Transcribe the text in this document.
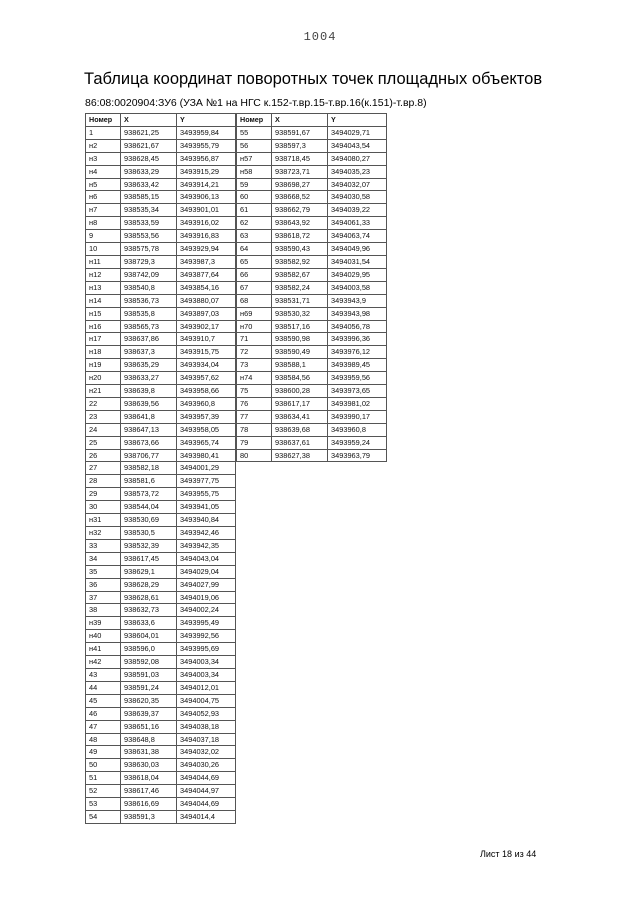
1004
Таблица координат поворотных точек площадных объектов
86:08:0020904:ЗУ6 (УЗА №1 на НГС к.152-т.вр.15-т.вр.16(к.151)-т.вр.8)
Номер	X	Y
1	938621,25	3493959,84
н2	938621,67	3493955,79
н3	938628,45	3493956,87
н4	938633,29	3493915,29
н5	938633,42	3493914,21
н6	938585,15	3493906,13
н7	938535,34	3493901,01
н8	938533,59	3493916,02
9	938553,56	3493916,83
10	938575,78	3493929,94
н11	938729,3	3493987,3
н12	938742,09	3493877,64
н13	938540,8	3493854,16
н14	938536,73	3493880,07
н15	938535,8	3493897,03
н16	938565,73	3493902,17
н17	938637,86	3493910,7
н18	938637,3	3493915,75
н19	938635,29	3493934,04
н20	938633,27	3493957,62
н21	938639,8	3493958,66
22	938639,56	3493960,8
23	938641,8	3493957,39
24	938647,13	3493958,05
25	938673,66	3493965,74
26	938706,77	3493980,41
27	938582,18	3494001,29
28	938581,6	3493977,75
29	938573,72	3493955,75
30	938544,04	3493941,05
н31	938530,69	3493940,84
н32	938530,5	3493942,46
33	938532,39	3493942,35
34	938617,45	3494043,04
35	938629,1	3494029,04
36	938628,29	3494027,99
37	938628,61	3494019,06
38	938632,73	3494002,24
н39	938633,6	3493995,49
н40	938604,01	3493992,56
н41	938596,0	3493995,69
н42	938592,08	3494003,34
43	938591,03	3494003,34
44	938591,24	3494012,01
45	938620,35	3494004,75
46	938639,37	3494052,93
47	938651,16	3494038,18
48	938648,8	3494037,18
49	938631,38	3494032,02
50	938630,03	3494030,26
51	938618,04	3494044,69
52	938617,46	3494044,97
53	938616,69	3494044,69
54	938591,3	3494014,4
Номер	X	Y
55	938591,67	3494029,71
56	938597,3	3494043,54
н57	938718,45	3494080,27
н58	938723,71	3494035,23
59	938698,27	3494032,07
60	938668,52	3494030,58
61	938662,79	3494039,22
62	938643,92	3494061,33
63	938618,72	3494063,74
64	938590,43	3494049,96
65	938582,92	3494031,54
66	938582,67	3494029,95
67	938582,24	3494003,58
68	938531,71	3493943,9
н69	938530,32	3493943,98
н70	938517,16	3494056,78
71	938590,98	3493996,36
72	938590,49	3493976,12
73	938588,1	3493989,45
н74	938584,56	3493959,56
75	938600,28	3493973,65
76	938617,17	3493981,02
77	938634,41	3493990,17
78	938639,68	3493960,8
79	938637,61	3493959,24
80	938627,38	3493963,79
Лист 18 из 44
